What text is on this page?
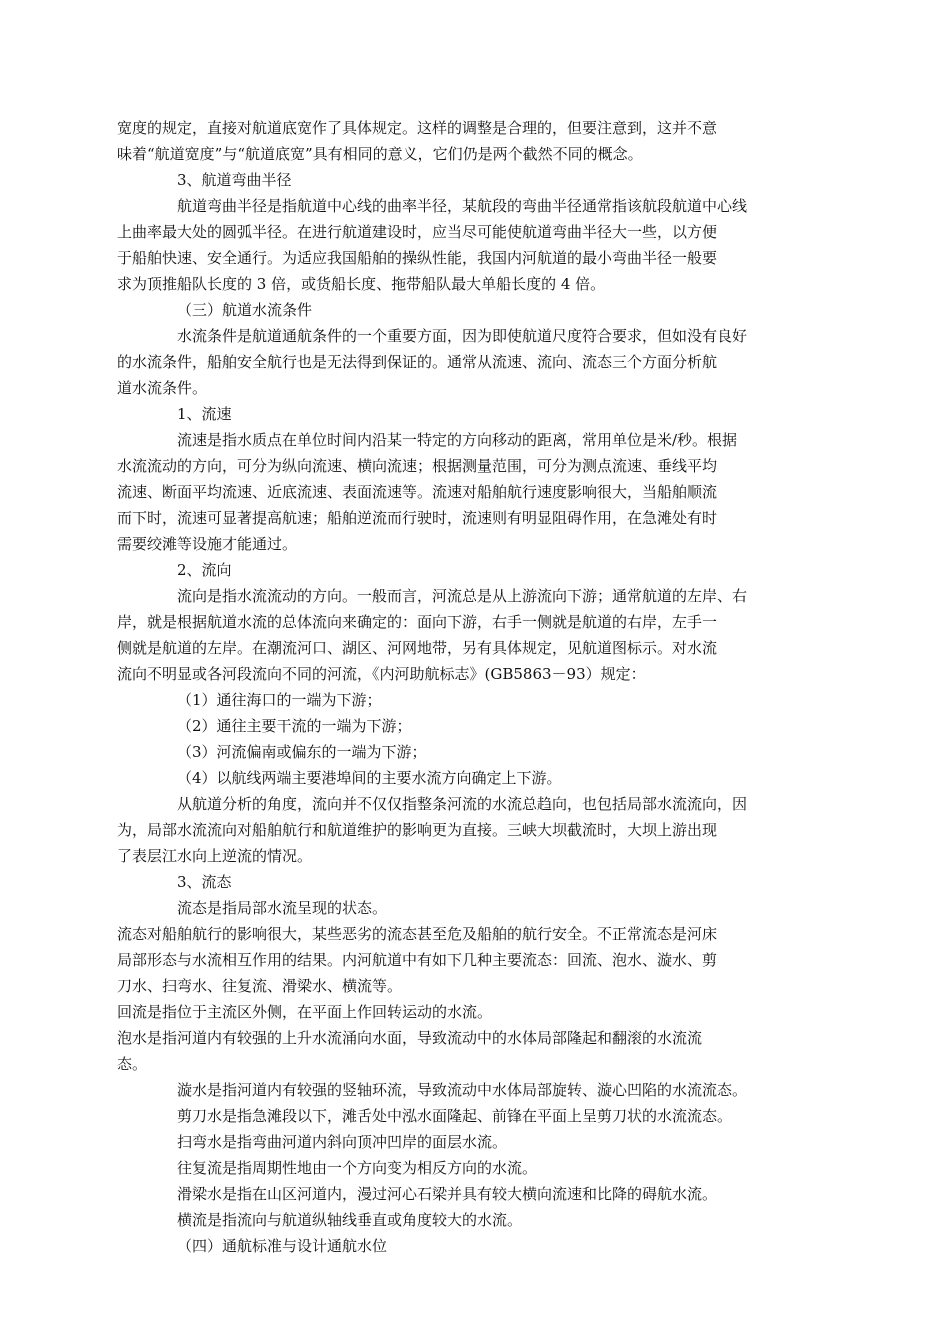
宽度的规定，直接对航道底宽作了具体规定。这样的调整是合理的，但要注意到，这并不意
味着“航道宽度”与“航道底宽”具有相同的意义，它们仍是两个截然不同的概念。
3、航道弯曲半径
航道弯曲半径是指航道中心线的曲率半径，某航段的弯曲半径通常指该航段航道中心线
上曲率最大处的圆弧半径。在进行航道建设时，应当尽可能使航道弯曲半径大一些，以方便
于船舶快速、安全通行。为适应我国船舶的操纵性能，我国内河航道的最小弯曲半径一般要
求为顶推船队长度的 3 倍，或货船长度、拖带船队最大单船长度的 4 倍。
（三）航道水流条件
水流条件是航道通航条件的一个重要方面，因为即使航道尺度符合要求，但如没有良好
的水流条件，船舶安全航行也是无法得到保证的。通常从流速、流向、流态三个方面分析航
道水流条件。
1、流速
流速是指水质点在单位时间内沿某一特定的方向移动的距离，常用单位是米/秒。根据
水流流动的方向，可分为纵向流速、横向流速；根据测量范围，可分为测点流速、垂线平均
流速、断面平均流速、近底流速、表面流速等。流速对船舶航行速度影响很大，当船舶顺流
而下时，流速可显著提高航速；船舶逆流而行驶时，流速则有明显阻碍作用，在急滩处有时
需要绞滩等设施才能通过。
2、流向
流向是指水流流动的方向。一般而言，河流总是从上游流向下游；通常航道的左岸、右
岸，就是根据航道水流的总体流向来确定的：面向下游，右手一侧就是航道的右岸，左手一
侧就是航道的左岸。在潮流河口、湖区、河网地带，另有具体规定，见航道图标示。对水流
流向不明显或各河段流向不同的河流，《内河助航标志》(GB5863－93）规定：
（1）通往海口的一端为下游；
（2）通往主要干流的一端为下游；
（3）河流偏南或偏东的一端为下游；
（4）以航线两端主要港埠间的主要水流方向确定上下游。
从航道分析的角度，流向并不仅仅指整条河流的水流总趋向，也包括局部水流流向，因
为，局部水流流向对船舶航行和航道维护的影响更为直接。三峡大坝截流时，大坝上游出现
了表层江水向上逆流的情况。
3、流态
流态是指局部水流呈现的状态。
流态对船舶航行的影响很大，某些恶劣的流态甚至危及船舶的航行安全。不正常流态是河床
局部形态与水流相互作用的结果。内河航道中有如下几种主要流态：回流、泡水、漩水、剪
刀水、扫弯水、往复流、滑梁水、横流等。
回流是指位于主流区外侧，在平面上作回转运动的水流。
泡水是指河道内有较强的上升水流涌向水面，导致流动中的水体局部隆起和翻滚的水流流
态。
漩水是指河道内有较强的竖轴环流，导致流动中水体局部旋转、漩心凹陷的水流流态。
剪刀水是指急滩段以下，滩舌处中泓水面隆起、前锋在平面上呈剪刀状的水流流态。
扫弯水是指弯曲河道内斜向顶冲凹岸的面层水流。
往复流是指周期性地由一个方向变为相反方向的水流。
滑梁水是指在山区河道内，漫过河心石梁并具有较大横向流速和比降的碍航水流。
横流是指流向与航道纵轴线垂直或角度较大的水流。
（四）通航标准与设计通航水位
